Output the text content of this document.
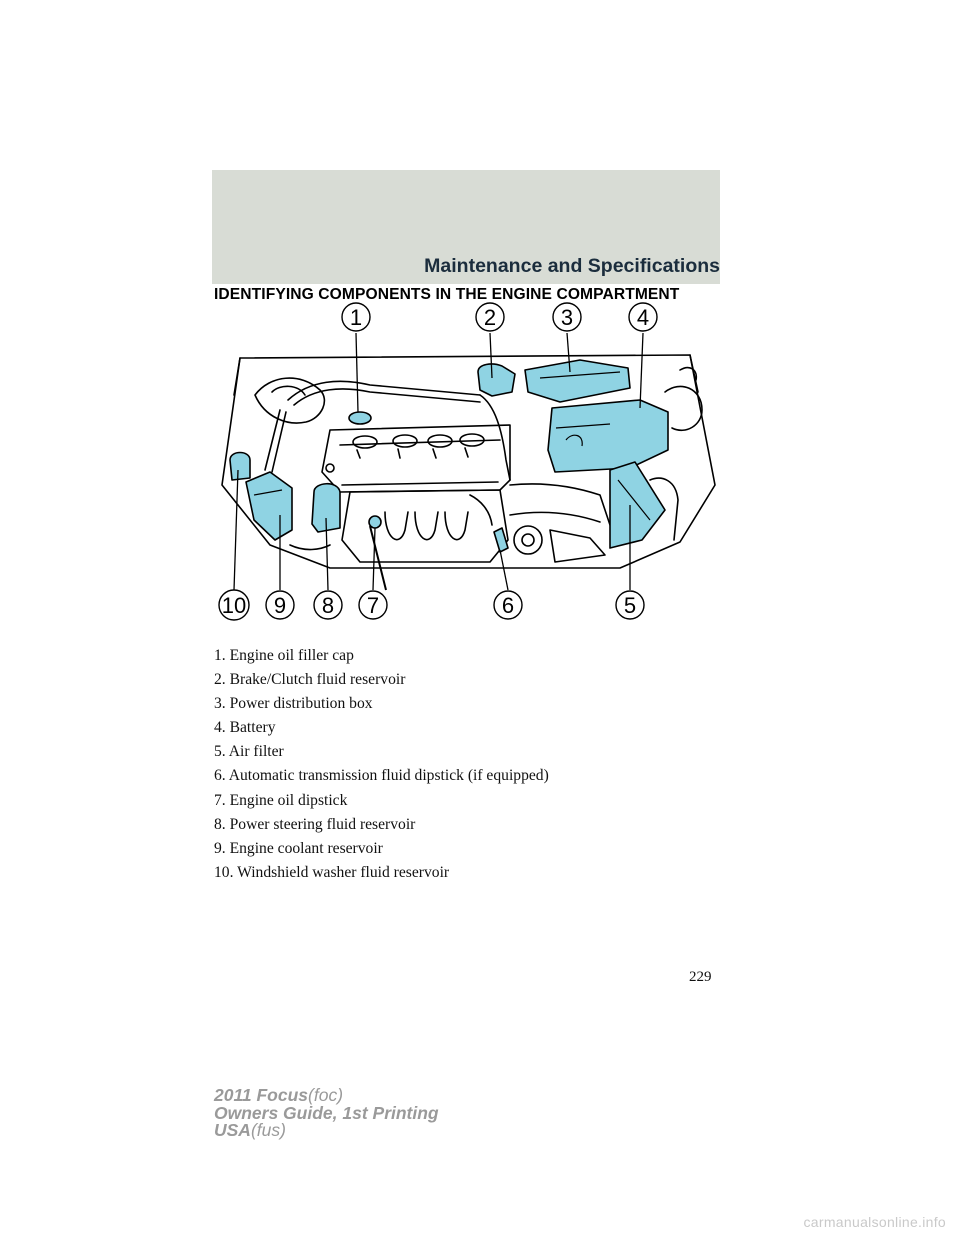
Maintenance and Specifications
IDENTIFYING COMPONENTS IN THE ENGINE COMPARTMENT
1	2	3	4
5
6
7
8
9
10
1. Engine oil filler cap
2. Brake/Clutch fluid reservoir
3. Power distribution box
4. Battery
5. Air filter
6. Automatic transmission fluid dipstick (if equipped)
7. Engine oil dipstick
8. Power steering fluid reservoir
9. Engine coolant reservoir
10. Windshield washer fluid reservoir
229
2011 Focus(foc)
Owners Guide, 1st Printing
USA(fus)
carmanualsonline.info
